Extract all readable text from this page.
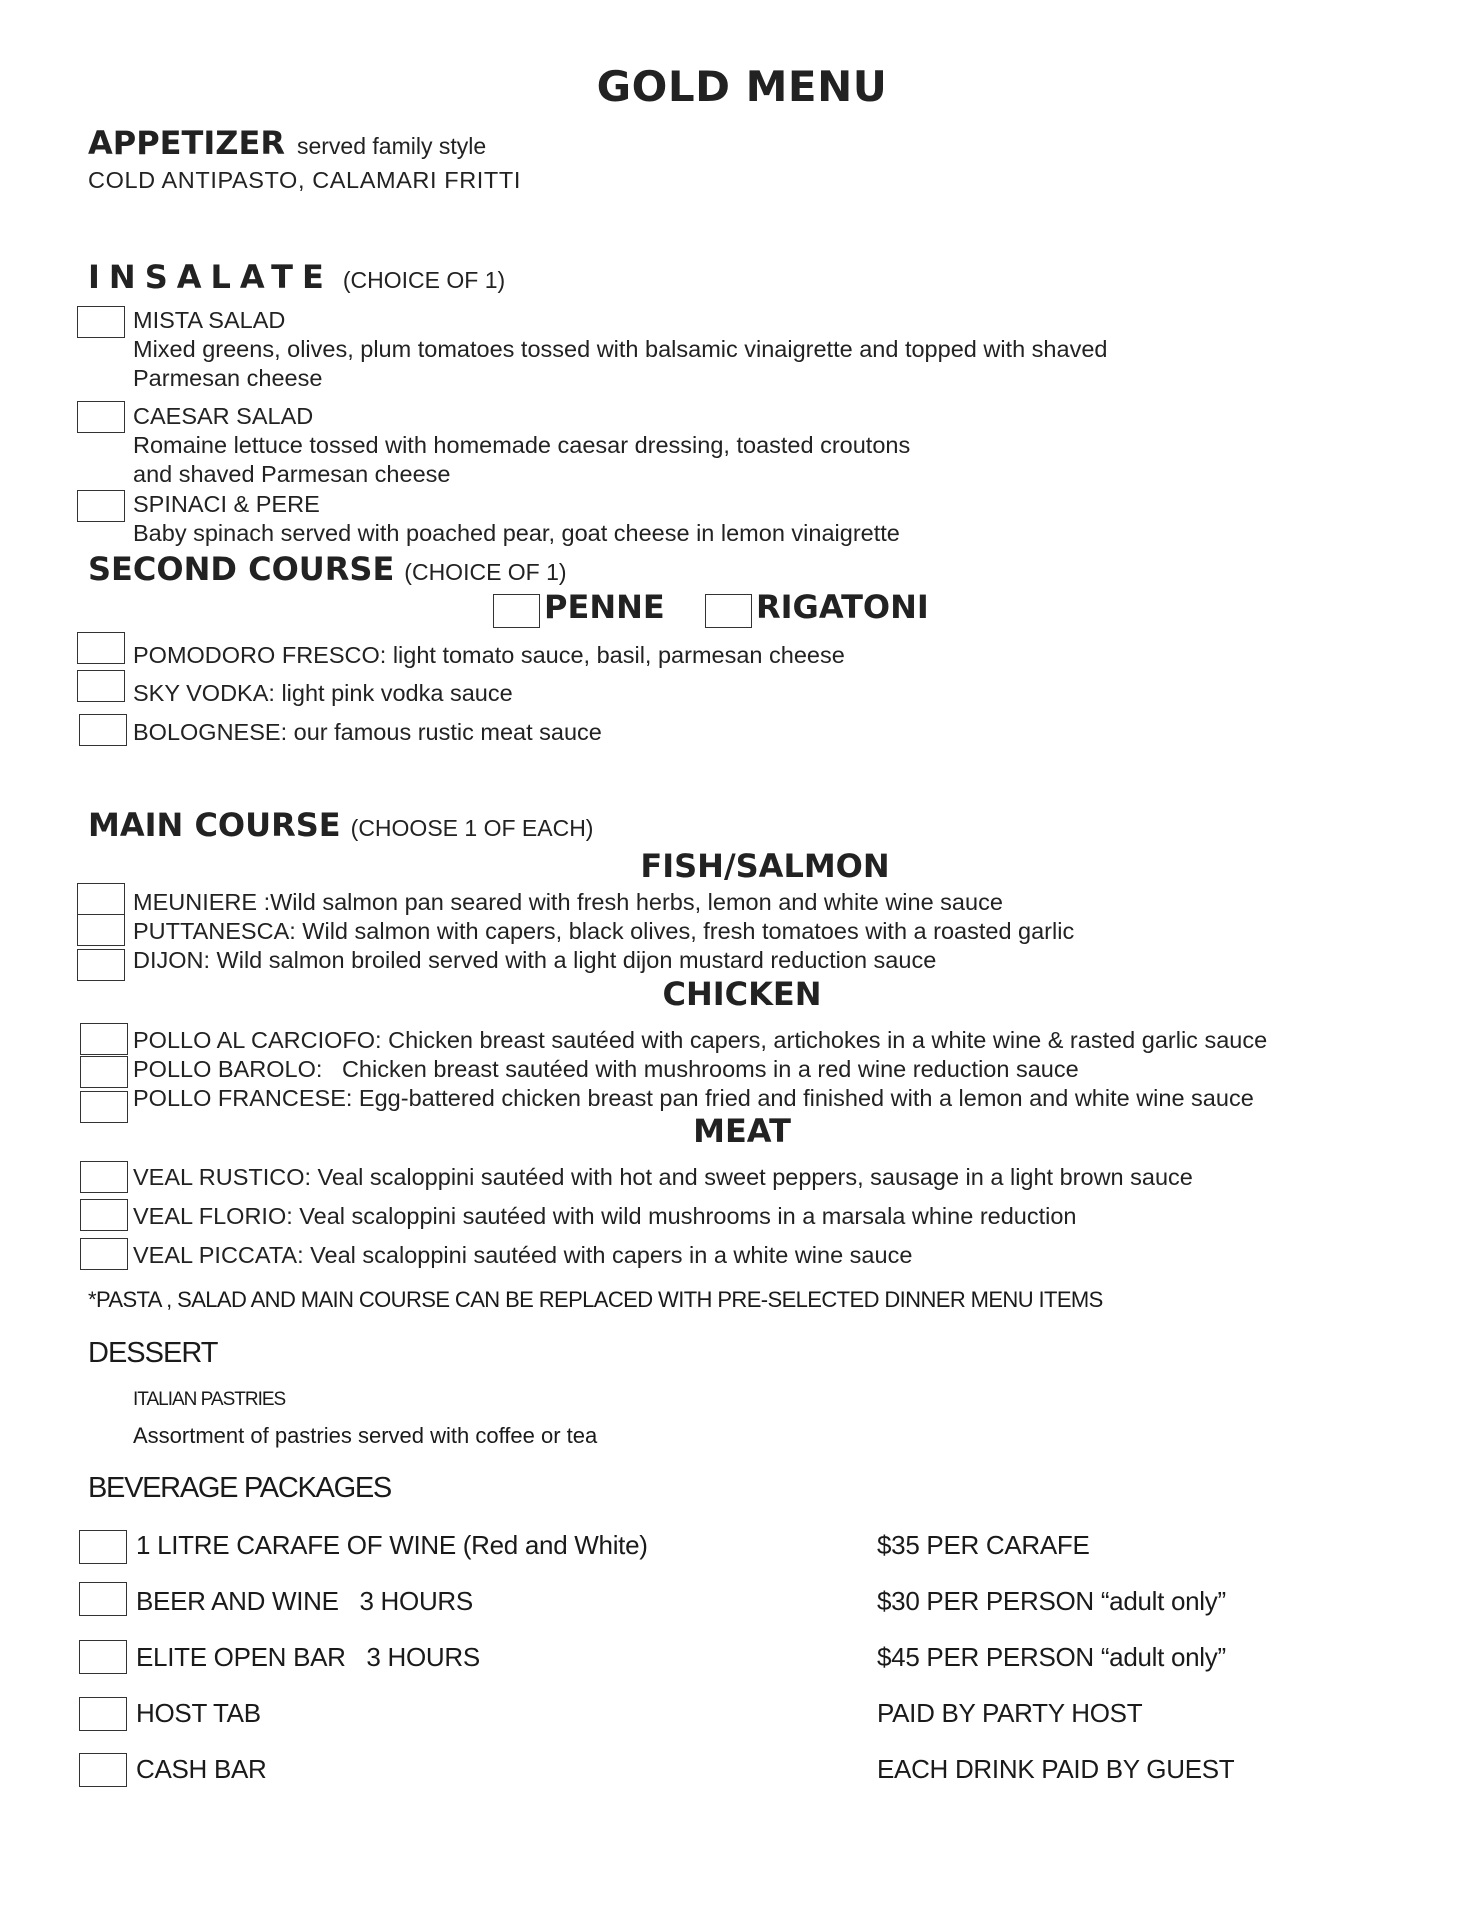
GOLD MENU
APPETIZER served family style
COLD ANTIPASTO, CALAMARI FRITTI
INSALATE (CHOICE OF 1)
MISTA SALAD
Mixed greens, olives, plum tomatoes tossed with balsamic vinaigrette and topped with shaved
Parmesan cheese
CAESAR SALAD
Romaine lettuce tossed with homemade caesar dressing, toasted croutons
and shaved Parmesan cheese
SPINACI & PERE
Baby spinach served with poached pear, goat cheese in lemon vinaigrette
SECOND COURSE (CHOICE OF 1)
PENNE	RIGATONI
POMODORO FRESCO: light tomato sauce, basil, parmesan cheese
SKY VODKA: light pink vodka sauce
BOLOGNESE: our famous rustic meat sauce
MAIN COURSE (CHOOSE 1 OF EACH)
FISH/SALMON
MEUNIERE :Wild salmon pan seared with fresh herbs, lemon and white wine sauce
PUTTANESCA: Wild salmon with capers, black olives, fresh tomatoes with a roasted garlic
DIJON: Wild salmon broiled served with a light dijon mustard reduction sauce
CHICKEN
POLLO AL CARCIOFO: Chicken breast sautéed with capers, artichokes in a white wine & rasted garlic sauce
POLLO BAROLO:   Chicken breast sautéed with mushrooms in a red wine reduction sauce
POLLO FRANCESE: Egg-battered chicken breast pan fried and finished with a lemon and white wine sauce
MEAT
VEAL RUSTICO: Veal scaloppini sautéed with hot and sweet peppers, sausage in a light brown sauce
VEAL FLORIO: Veal scaloppini sautéed with wild mushrooms in a marsala whine reduction
VEAL PICCATA: Veal scaloppini sautéed with capers in a white wine sauce
*PASTA , SALAD AND MAIN COURSE CAN BE REPLACED WITH PRE-SELECTED DINNER MENU ITEMS
DESSERT
ITALIAN PASTRIES
Assortment of pastries served with coffee or tea
BEVERAGE PACKAGES
1 LITRE CARAFE OF WINE (Red and White)	$35 PER CARAFE
BEER AND WINE   3 HOURS	$30 PER PERSON “adult only”
ELITE OPEN BAR   3 HOURS	$45 PER PERSON “adult only”
HOST TAB	PAID BY PARTY HOST
CASH BAR	EACH DRINK PAID BY GUEST
